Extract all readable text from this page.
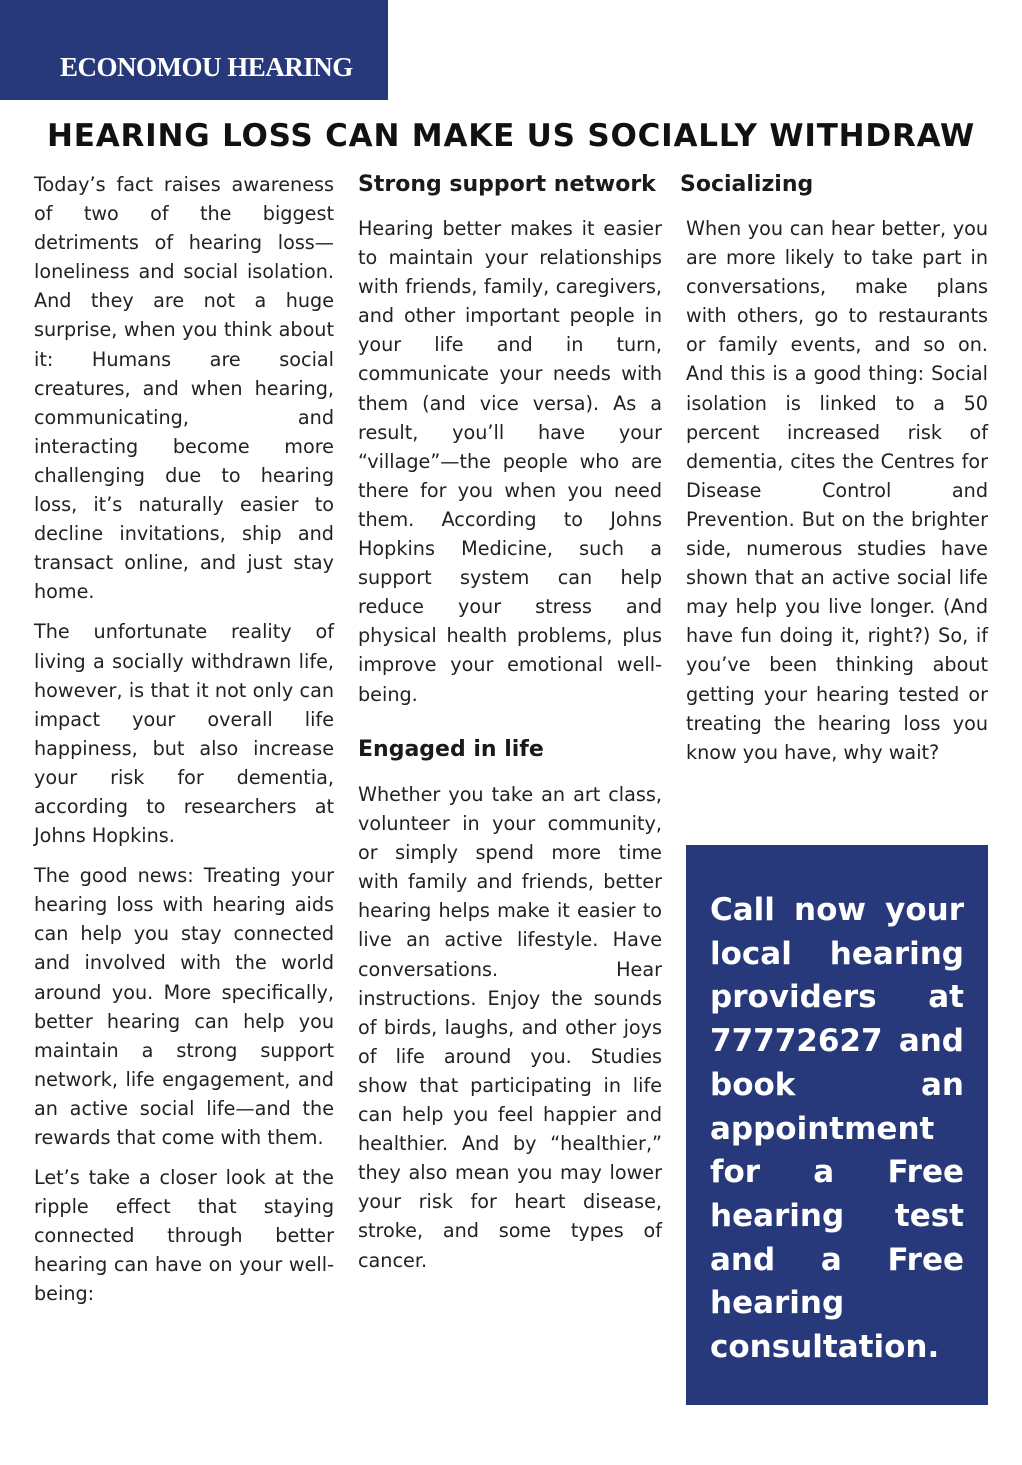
ECONOMOU HEARING
HEARING LOSS CAN MAKE US SOCIALLY WITHDRAW

Today’s fact raises awareness of two of the biggest detriments of hearing loss—loneliness and social isolation. And they are not a huge surprise, when you think about it: Humans are social creatures, and when hearing, communicating, and interacting become more challenging due to hearing loss, it’s naturally easier to decline invitations, ship and transact online, and just stay home.

The unfortunate reality of living a socially withdrawn life, however, is that it not only can impact your overall life happiness, but also increase your risk for dementia, according to researchers at Johns Hopkins.

The good news: Treating your hearing loss with hearing aids can help you stay connected and involved with the world around you. More specifically, better hearing can help you maintain a strong support network, life engagement, and an active social life—and the rewards that come with them.

Let’s take a closer look at the ripple effect that staying connected through better hearing can have on your well-being:

Strong support network

Hearing better makes it easier to maintain your relationships with friends, family, caregivers, and other important people in your life and in turn, communicate your needs with them (and vice versa). As a result, you’ll have your “village”—the people who are there for you when you need them. According to Johns Hopkins Medicine, such a support system can help reduce your stress and physical health problems, plus improve your emotional well-being.

Engaged in life

Whether you take an art class, volunteer in your community, or simply spend more time with family and friends, better hearing helps make it easier to live an active lifestyle. Have conversations. Hear instructions. Enjoy the sounds of birds, laughs, and other joys of life around you. Studies show that participating in life can help you feel happier and healthier. And by “healthier,” they also mean you may lower your risk for heart disease, stroke, and some types of cancer.

Socializing

When you can hear better, you are more likely to take part in conversations, make plans with others, go to restaurants or family events, and so on. And this is a good thing: Social isolation is linked to a 50 percent increased risk of dementia, cites the Centres for Disease Control and Prevention. But on the brighter side, numerous studies have shown that an active social life may help you live longer. (And have fun doing it, right?) So, if you’ve been thinking about getting your hearing tested or treating the hearing loss you know you have, why wait?

Call now your local hearing providers at 77772627 and book an appointment for a Free hearing test and a Free hearing consultation.
